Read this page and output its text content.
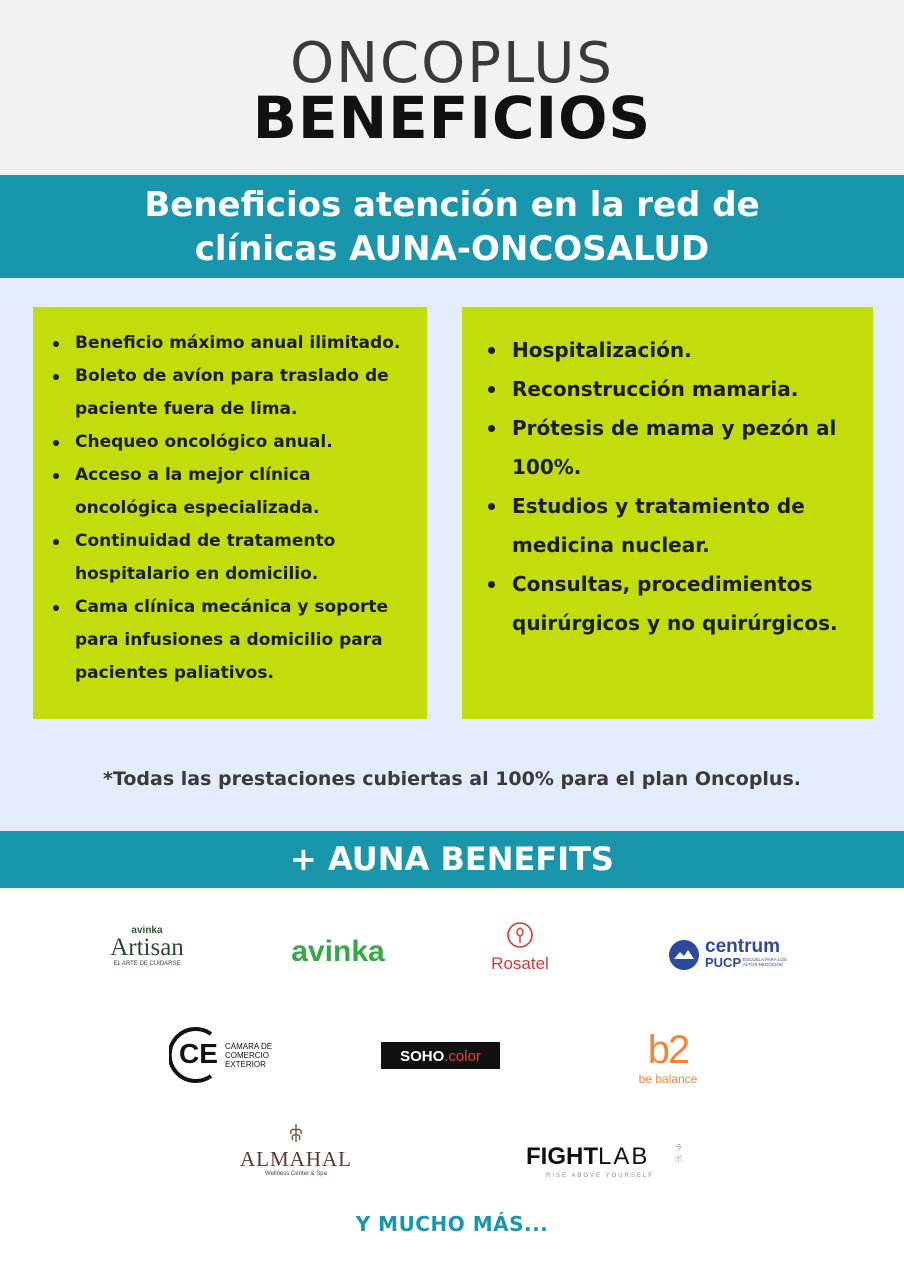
ONCOPLUS
BENEFICIOS
Beneficios atención en la red de
clínicas AUNA-ONCOSALUD
Beneficio máximo anual ilimitado.
Boleto de avíon para traslado de paciente fuera de lima.
Chequeo oncológico anual.
Acceso a la mejor clínica oncológica especializada.
Continuidad de tratamento hospitalario en domicilio.
Cama clínica mecánica y soporte para infusiones a domicilio para pacientes paliativos.
Hospitalización.
Reconstrucción mamaria.
Prótesis de mama y pezón al 100%.
Estudios y tratamiento de medicina nuclear.
Consultas, procedimientos quirúrgicos y no quirúrgicos.
*Todas las prestaciones cubiertas al 100% para el plan Oncoplus.
+ AUNA BENEFITS
avinka
Artisan
EL ARTE DE CUIDARSE	avinka	Rosatel
centrum
PUCP ESCUELA PARA LOS ALTOS NEGOCIOS
CE CÁMARA DE
COMERCIO
EXTERIOR	SOHO.color	b2
be balance
ALMAHAL
Wellness Center & Spa
FIGHTLAB	ラボ
RISE ABOVE YOURSELF
Y MUCHO MÁS...
